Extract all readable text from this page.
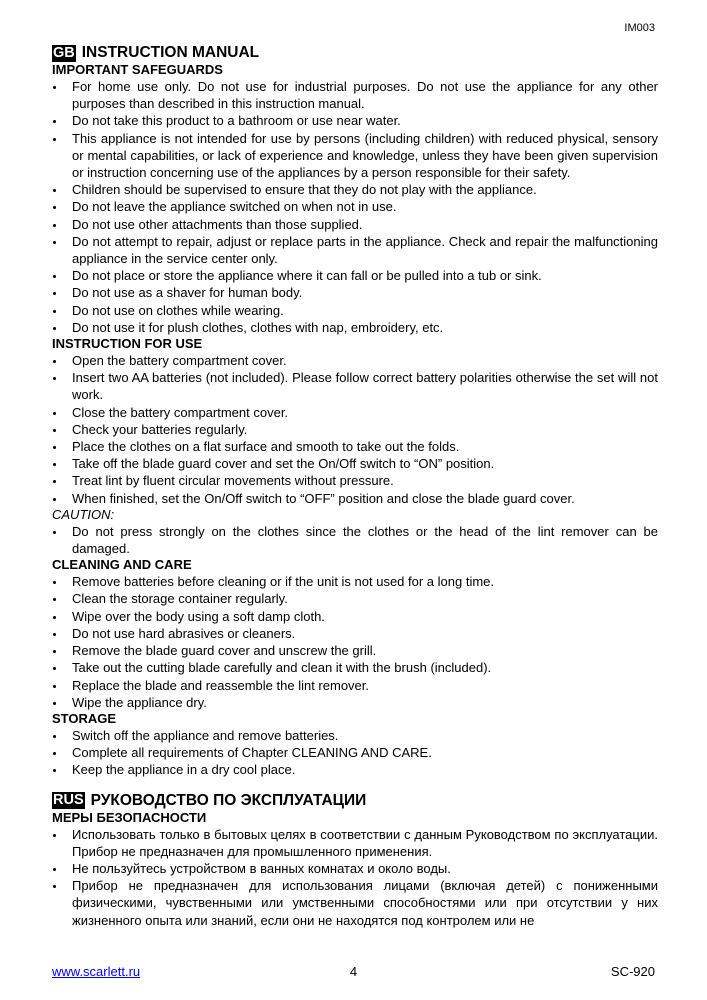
IM003
GB INSTRUCTION MANUAL
IMPORTANT SAFEGUARDS
For home use only. Do not use for industrial purposes. Do not use the appliance for any other purposes than described in this instruction manual.
Do not take this product to a bathroom or use near water.
This appliance is not intended for use by persons (including children) with reduced physical, sensory or mental capabilities, or lack of experience and knowledge, unless they have been given supervision or instruction concerning use of the appliances by a person responsible for their safety.
Children should be supervised to ensure that they do not play with the appliance.
Do not leave the appliance switched on when not in use.
Do not use other attachments than those supplied.
Do not attempt to repair, adjust or replace parts in the appliance. Check and repair the malfunctioning appliance in the service center only.
Do not place or store the appliance where it can fall or be pulled into a tub or sink.
Do not use as a shaver for human body.
Do not use on clothes while wearing.
Do not use it for plush clothes, clothes with nap, embroidery, etc.
INSTRUCTION FOR USE
Open the battery compartment cover.
Insert two AA batteries (not included). Please follow correct battery polarities otherwise the set will not work.
Close the battery compartment cover.
Check your batteries regularly.
Place the clothes on a flat surface and smooth to take out the folds.
Take off the blade guard cover and set the On/Off switch to “ON” position.
Treat lint by fluent circular movements without pressure.
When finished, set the On/Off switch to “OFF” position and close the blade guard cover.
CAUTION:
Do not press strongly on the clothes since the clothes or the head of the lint remover can be damaged.
CLEANING AND CARE
Remove batteries before cleaning or if the unit is not used for a long time.
Clean the storage container regularly.
Wipe over the body using a soft damp cloth.
Do not use hard abrasives or cleaners.
Remove the blade guard cover and unscrew the grill.
Take out the cutting blade carefully and clean it with the brush (included).
Replace the blade and reassemble the lint remover.
Wipe the appliance dry.
STORAGE
Switch off the appliance and remove batteries.
Complete all requirements of Chapter CLEANING AND CARE.
Keep the appliance in a dry cool place.
RUS РУКОВОДСТВО ПО ЭКСПЛУАТАЦИИ
МЕРЫ БЕЗОПАСНОСТИ
Использовать только в бытовых целях в соответствии с данным Руководством по эксплуатации. Прибор не предназначен для промышленного применения.
Не пользуйтесь устройством в ванных комнатах и около воды.
Прибор не предназначен для использования лицами (включая детей) с пониженными физическими, чувственными или умственными способностями или при отсутствии у них жизненного опыта или знаний, если они не находятся под контролем или не
4
www.scarlett.ru	SC-920
